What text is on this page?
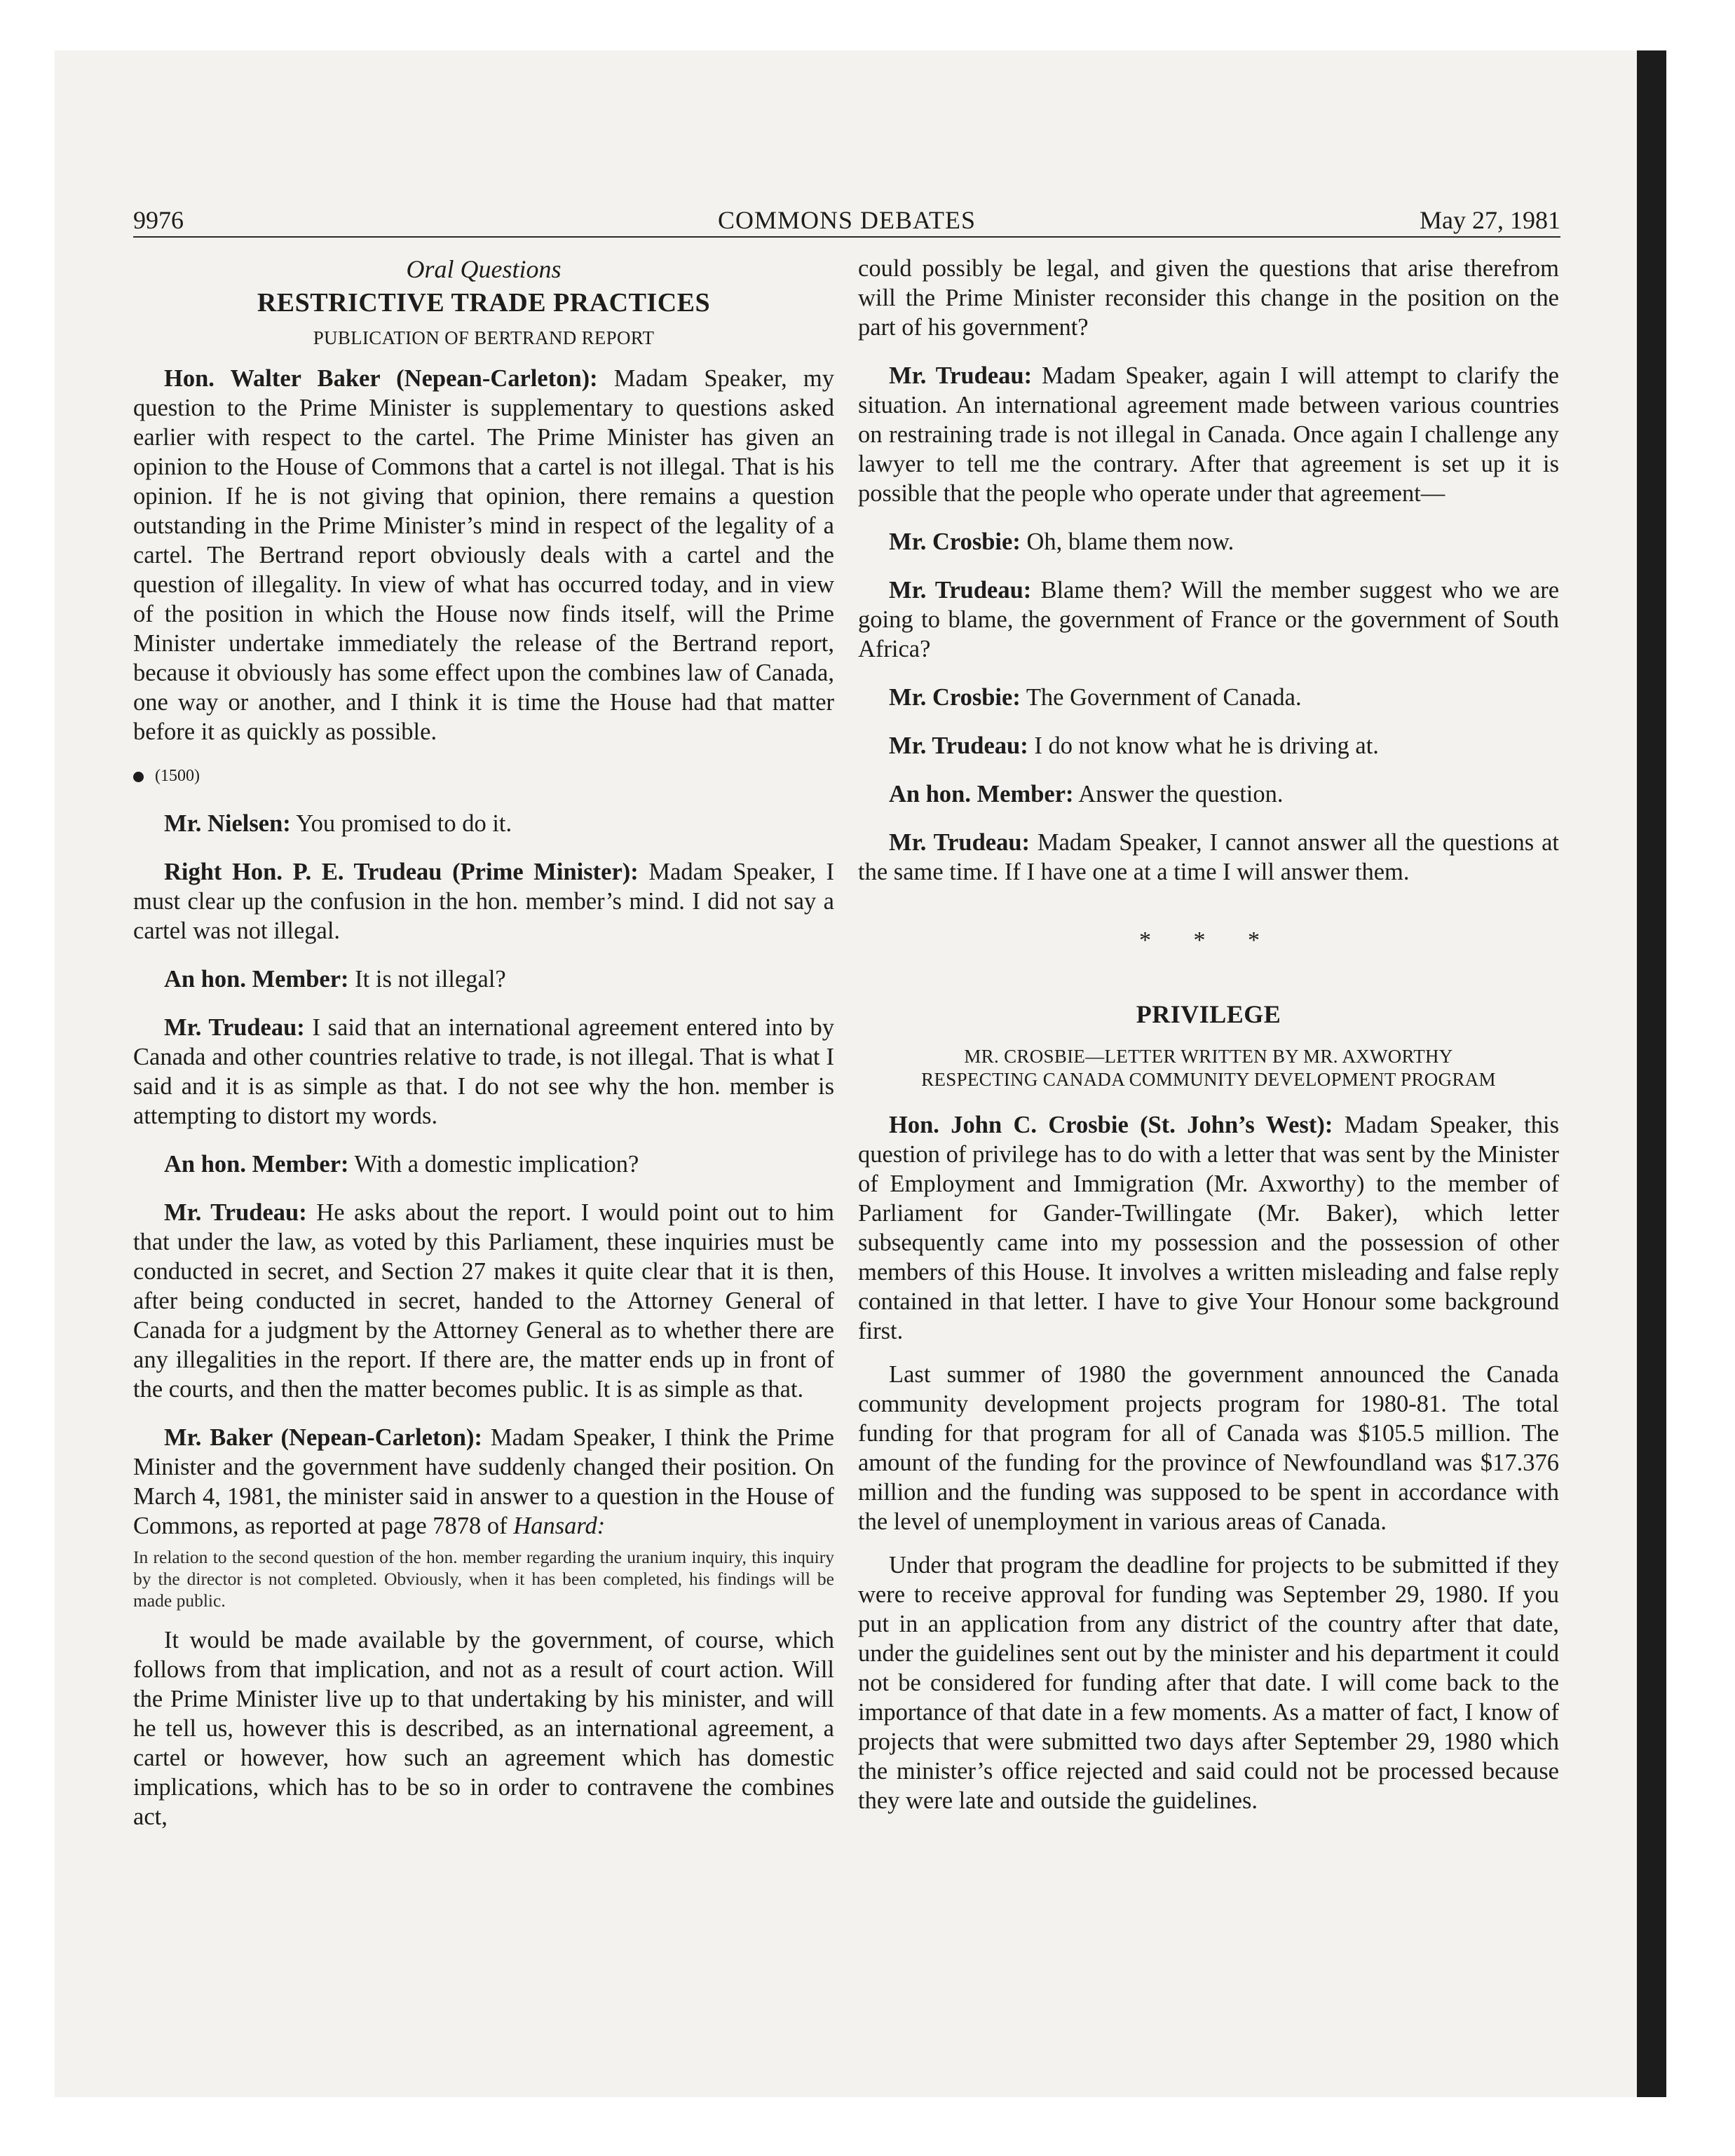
9976	COMMONS DEBATES	May 27, 1981
Oral Questions
RESTRICTIVE TRADE PRACTICES
PUBLICATION OF BERTRAND REPORT

Hon. Walter Baker (Nepean-Carleton): Madam Speaker, my question to the Prime Minister is supplementary to questions asked earlier with respect to the cartel. The Prime Minister has given an opinion to the House of Commons that a cartel is not illegal. That is his opinion. If he is not giving that opinion, there remains a question outstanding in the Prime Minister’s mind in respect of the legality of a cartel. The Bertrand report obviously deals with a cartel and the question of illegality. In view of what has occurred today, and in view of the position in which the House now finds itself, will the Prime Minister undertake immediately the release of the Bertrand report, because it obviously has some effect upon the combines law of Canada, one way or another, and I think it is time the House had that matter before it as quickly as possible.

(1500)

Mr. Nielsen: You promised to do it.

Right Hon. P. E. Trudeau (Prime Minister): Madam Speaker, I must clear up the confusion in the hon. member’s mind. I did not say a cartel was not illegal.

An hon. Member: It is not illegal?

Mr. Trudeau: I said that an international agreement entered into by Canada and other countries relative to trade, is not illegal. That is what I said and it is as simple as that. I do not see why the hon. member is attempting to distort my words.

An hon. Member: With a domestic implication?

Mr. Trudeau: He asks about the report. I would point out to him that under the law, as voted by this Parliament, these inquiries must be conducted in secret, and Section 27 makes it quite clear that it is then, after being conducted in secret, handed to the Attorney General of Canada for a judgment by the Attorney General as to whether there are any illegalities in the report. If there are, the matter ends up in front of the courts, and then the matter becomes public. It is as simple as that.

Mr. Baker (Nepean-Carleton): Madam Speaker, I think the Prime Minister and the government have suddenly changed their position. On March 4, 1981, the minister said in answer to a question in the House of Commons, as reported at page 7878 of Hansard:

In relation to the second question of the hon. member regarding the uranium inquiry, this inquiry by the director is not completed. Obviously, when it has been completed, his findings will be made public.

It would be made available by the government, of course, which follows from that implication, and not as a result of court action. Will the Prime Minister live up to that undertaking by his minister, and will he tell us, however this is described, as an international agreement, a cartel or however, how such an agreement which has domestic implications, which has to be so in order to contravene the combines act,

could possibly be legal, and given the questions that arise therefrom will the Prime Minister reconsider this change in the position on the part of his government?

Mr. Trudeau: Madam Speaker, again I will attempt to clarify the situation. An international agreement made between various countries on restraining trade is not illegal in Canada. Once again I challenge any lawyer to tell me the contrary. After that agreement is set up it is possible that the people who operate under that agreement—

Mr. Crosbie: Oh, blame them now.

Mr. Trudeau: Blame them? Will the member suggest who we are going to blame, the government of France or the government of South Africa?

Mr. Crosbie: The Government of Canada.

Mr. Trudeau: I do not know what he is driving at.

An hon. Member: Answer the question.

Mr. Trudeau: Madam Speaker, I cannot answer all the questions at the same time. If I have one at a time I will answer them.

* * *
PRIVILEGE
MR. CROSBIE—LETTER WRITTEN BY MR. AXWORTHY
RESPECTING CANADA COMMUNITY DEVELOPMENT PROGRAM

Hon. John C. Crosbie (St. John’s West): Madam Speaker, this question of privilege has to do with a letter that was sent by the Minister of Employment and Immigration (Mr. Axworthy) to the member of Parliament for Gander-Twillingate (Mr. Baker), which letter subsequently came into my possession and the possession of other members of this House. It involves a written misleading and false reply contained in that letter. I have to give Your Honour some background first.

Last summer of 1980 the government announced the Canada community development projects program for 1980-81. The total funding for that program for all of Canada was $105.5 million. The amount of the funding for the province of Newfoundland was $17.376 million and the funding was supposed to be spent in accordance with the level of unemployment in various areas of Canada.

Under that program the deadline for projects to be submitted if they were to receive approval for funding was September 29, 1980. If you put in an application from any district of the country after that date, under the guidelines sent out by the minister and his department it could not be considered for funding after that date. I will come back to the importance of that date in a few moments. As a matter of fact, I know of projects that were submitted two days after September 29, 1980 which the minister’s office rejected and said could not be processed because they were late and outside the guidelines.
